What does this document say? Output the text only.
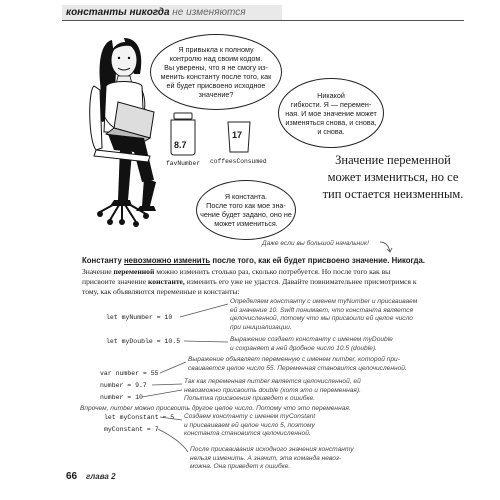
константы никогда не изменяются
Я привыкла к полному
контролю над своим кодом.
Вы уверены, что я не смогу из-
менить константу после того, как
ей будет присвоено исходное
значение?	Никакой
гибкости. Я — перемен-
ная. И мое значение может
изменяться снова, и снова,
и снова.
Я константа.
После того как мое зна-
чение будет задано, оно не
может измениться.
8.7
favNumber
17
coffeesConsumed	Значение переменной
может измениться, но се
тип остается неизменным.
Даже если вы большой начальник!
Константу невозможно изменить после того, как ей будет присвоено значение. Никогда.
Значение переменной можно изменить столько раз, сколько потребуется. Но после того как вы присвоите значение константе, изменить его уже не удастся. Давайте повнимательнее присмотримся к тому, как объявляются переменные и константы:
let myNumber = 10
let myDouble = 10.5
var number = 55
number = 9.7
number = 10
let myConstant = 5
myConstant = 7
Определяем константу с именем myNumber и присваиваем
ей значение 10. Swift понимает, что константа является
целочисленной, потому что мы присвоили ей целое число
при инициализации.
Выражение создает константу с именем myDouble
и сохраняет в ней дробное число 10.5 (double).
Выражение объявляет переменную с именем number, которой при-
сваивается целое число 55. Переменная становится целочисленной.
Так как переменная number является целочисленной, ей
невозможно присвоить double (хотя это и переменная).
Попытка присвоения приведет к ошибке.
Впрочем, number можно присвоить другое целое число. Потому что это переменная.
Создаем константу с именем myConstant
и присваиваем ей целое число 5, поэтому
константа становится целочисленной.
После присваивания исходного значения константу
нельзя изменить. А значит, эта команда невоз-
можна. Она приведет к ошибке.
66 глава 2
